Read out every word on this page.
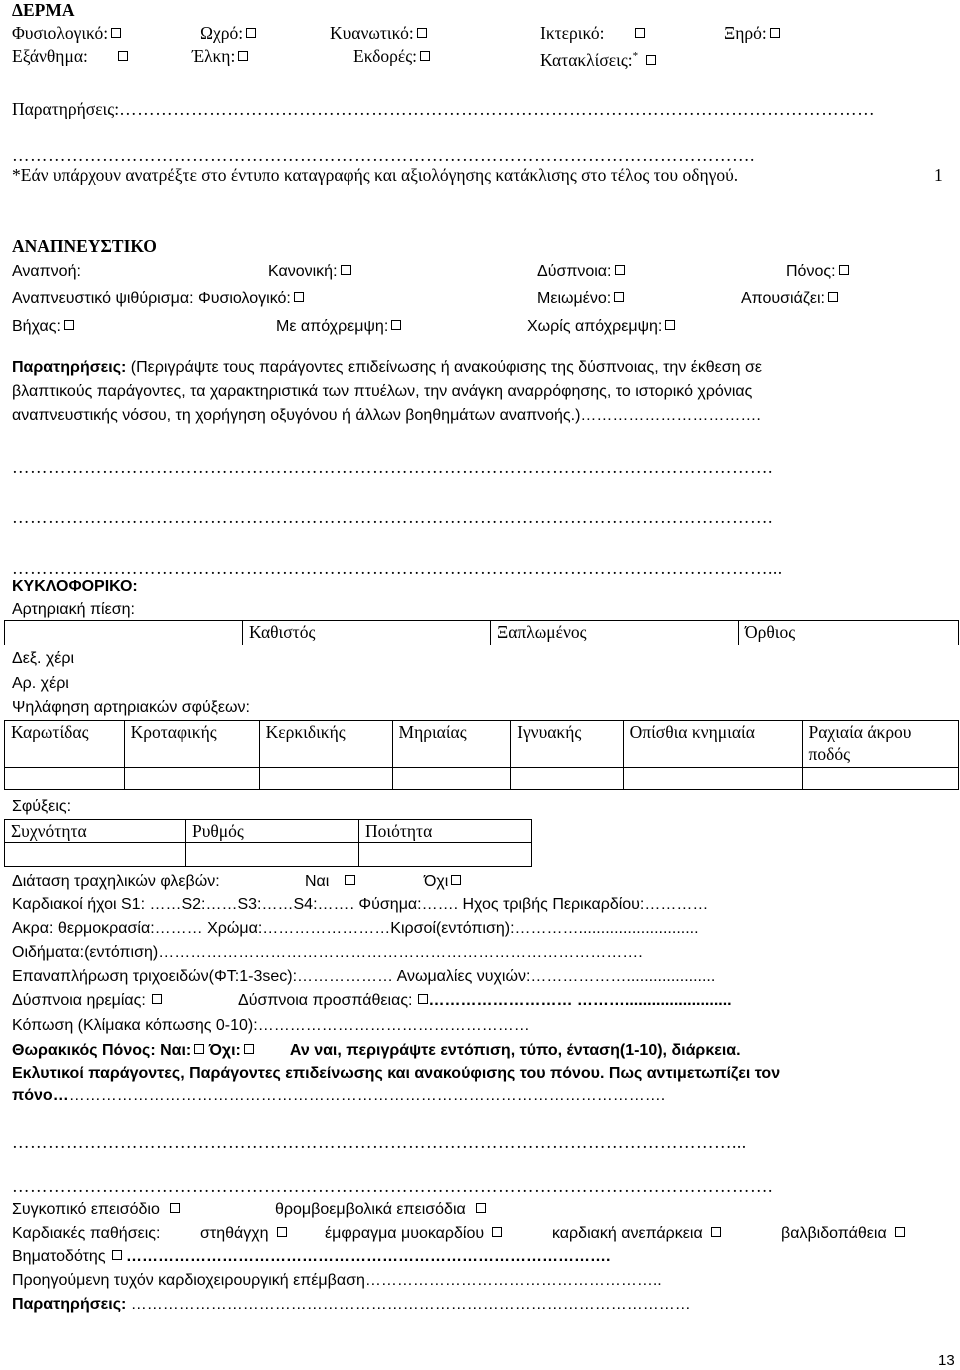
ΔΕΡΜΑ
Φυσιολογικό:	Ωχρό:	Κυανωτικό:	Ικτερικό:	Ξηρό:
Εξάνθημα:	Έλκη:	Εκδορές:	Κατακλίσεις:*
Παρατηρήσεις:………………………………………………………………………………………………………………
…………………………………………………………………………………………………………….
*Εάν υπάρχουν ανατρέξτε στο έντυπο καταγραφής και αξιολόγησης κατάκλισης στο τέλος του οδηγού.	1
ΑΝΑΠΝΕΥΣΤΙΚΟ
Αναπνοή:	Κανονική:	Δύσπνοια:	Πόνος:
Αναπνευστικό ψιθύρισμα: Φυσιολογικό:	Μειωμένο:	Απουσιάζει:
Βήχας:	Με απόχρεμψη:	Χωρίς απόχρεμψη:
Παρατηρήσεις: (Περιγράψτε τους παράγοντες επιδείνωσης ή ανακούφισης της δύσπνοιας, την έκθεση σε
βλαπτικούς παράγοντες, τα χαρακτηριστικά των πτυέλων, την ανάγκη αναρρόφησης, το ιστορικό χρόνιας
αναπνευστικής νόσου, τη χορήγηση οξυγόνου ή άλλων βοηθημάτων αναπνοής.)…………………………….
……………………………………………………………………………………………………………….
……………………………………………………………………………………………………………….
………………………………………………………………………………………………………………...
ΚΥΚΛΟΦΟΡΙΚΟ:
Αρτηριακή πίεση:
	Καθιστός	Ξαπλωμένος	Όρθιος
Δεξ. χέρι
Αρ. χέρι
Ψηλάφηση αρτηριακών σφύξεων:
Καρωτίδας	Κροταφικής	Κερκιδικής	Μηριαίας	Ιγνυακής	Οπίσθια κνημιαία	Ραχιαία άκρου ποδός

Σφύξεις:
Συχνότητα	Ρυθμός	Ποιότητα

Διάταση τραχηλικών φλεβών:	Ναι	Όχι
Καρδιακοί ήχοι S1: ……S2:……S3:……S4:……. Φύσημα:……. Ηχος τριβής Περικαρδίου:…………
Ακρα: θερμοκρασία:……… Χρώμα:……………………Κιρσοί(εντόπιση):…………...........................
Οιδήματα:(εντόπιση)……………………………………………………………………………….
Επαναπλήρωση τριχοειδών(ΦΤ:1-3sec):……………… Ανωμαλίες νυχιών:………………....................
Δύσπνοια ηρεμίας:	Δύσπνοια προσπάθειας: ……………………… ………........................
Κόπωση (Κλίμακα κόπωσης 0-10):……………………………………………
Θωρακικός Πόνος: Ναι: Όχι:	Αν ναι, περιγράψτε εντόπιση, τύπο, ένταση(1-10), διάρκεια.
Εκλυτικοί παράγοντες, Παράγοντες επιδείνωσης και ανακούφισης του πόνου. Πως αντιμετωπίζει τον
πόνο…………………………………………………………………………………………………….
…………………………………………………………………………………………………………...
……………………………………………………………………………………………………………….
Συγκοπικό επεισόδιο	θρομβοεμβολικά επεισόδια
Καρδιακές παθήσεις: στηθάγχη	έμφραγμα μυοκαρδίου	καρδιακή ανεπάρκεια	βαλβιδοπάθεια
Βηματοδότης ……………………………………………………………………………….
Προηγούμενη τυχόν καρδιοχειρουργική επέμβαση………………………………………………..
Παρατηρήσεις: ……………………………………………………………………………………………
13
